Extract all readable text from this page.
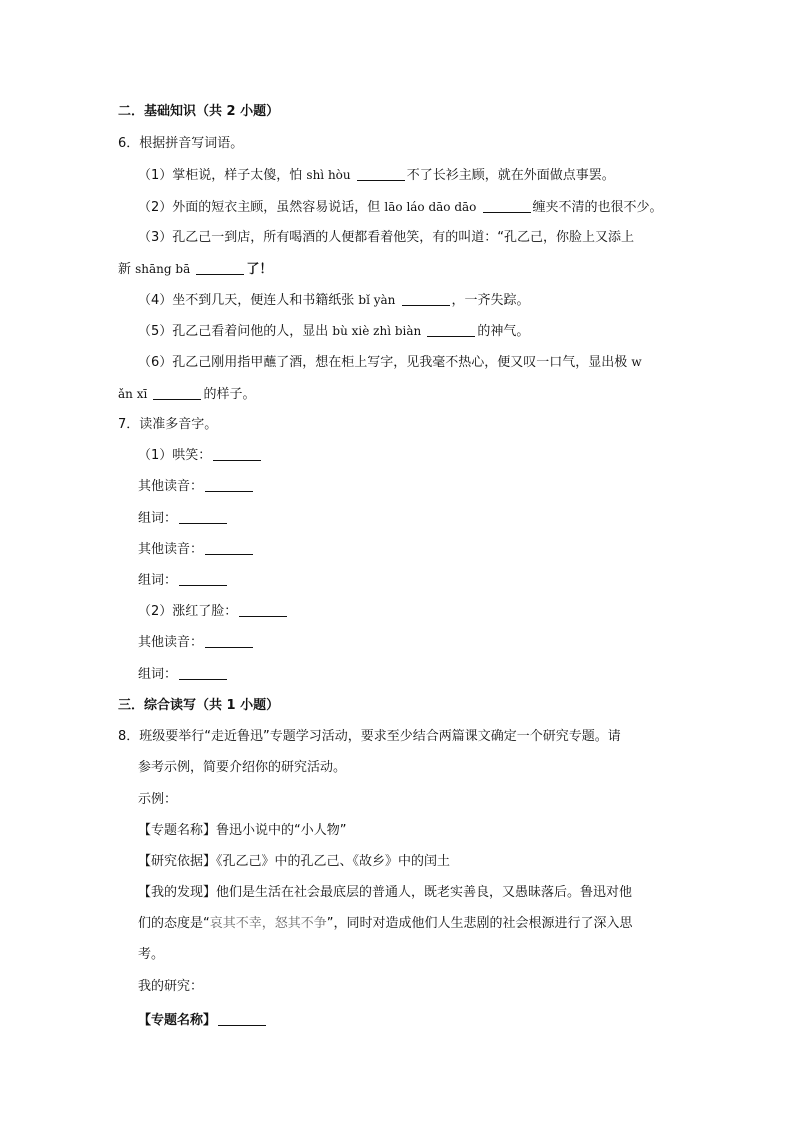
二．基础知识（共 2 小题）
6．根据拼音写词语。
（1）掌柜说，样子太傻，怕 shì hòu	不了长衫主顾，就在外面做点事罢。
（2）外面的短衣主顾，虽然容易说话，但 lāo láo dāo dāo	缠夹不清的也很不少。
（3）孔乙己一到店，所有喝酒的人便都看着他笑，有的叫道：“孔乙己，你脸上又添上
新 shāng bā	了！
（4）坐不到几天，便连人和书籍纸张 bǐ yàn	，一齐失踪。
（5）孔乙己看着问他的人，显出 bù xiè zhì biàn	的神气。
（6）孔乙己刚用指甲蘸了酒，想在柜上写字，见我毫不热心，便又叹一口气，显出极 w
ǎn xī	的样子。
7．读准多音字。
（1）哄笑：
其他读音：
组词：
其他读音：
组词：
（2）涨红了脸：
其他读音：
组词：
三．综合读写（共 1 小题）
8．班级要举行“走近鲁迅”专题学习活动，要求至少结合两篇课文确定一个研究专题。请
参考示例，简要介绍你的研究活动。
示例：
【专题名称】鲁迅小说中的“小人物”
【研究依据】《孔乙己》中的孔乙己、《故乡》中的闰土
【我的发现】他们是生活在社会最底层的普通人，既老实善良，又愚昧落后。鲁迅对他
们的态度是“哀其不幸，怒其不争”，同时对造成他们人生悲剧的社会根源进行了深入思
考。
我的研究：
【专题名称】
